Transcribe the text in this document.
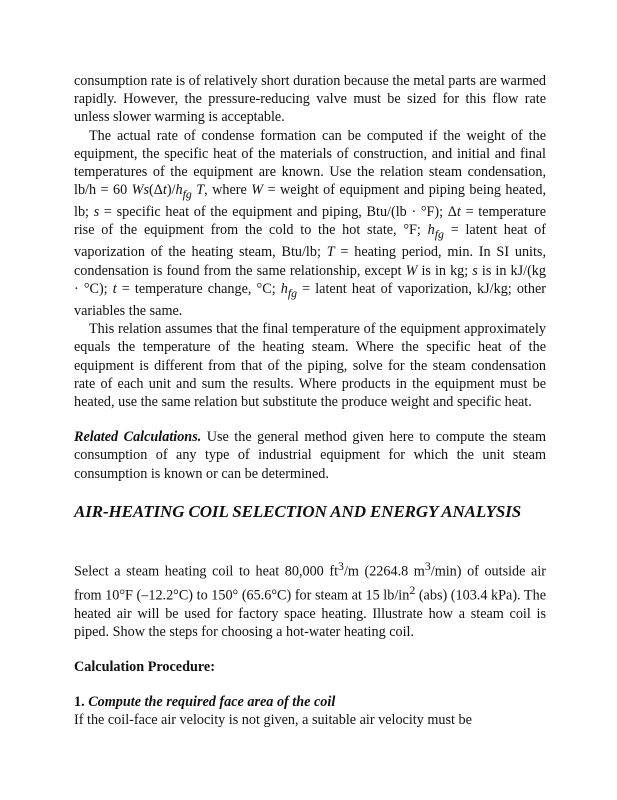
consumption rate is of relatively short duration because the metal parts are warmed rapidly. However, the pressure-reducing valve must be sized for this flow rate unless slower warming is acceptable.

The actual rate of condense formation can be computed if the weight of the equipment, the specific heat of the materials of construction, and initial and final temperatures of the equipment are known. Use the relation steam condensation, lb/h = 60 $Ws(\Delta t)/h_{fg}$ T, where W = weight of equipment and piping being heated, lb; s = specific heat of the equipment and piping, Btu/(lb · °F); Δt = temperature rise of the equipment from the cold to the hot state, °F; $h_{fg}$ = latent heat of vaporization of the heating steam, Btu/lb; T = heating period, min. In SI units, condensation is found from the same relationship, except W is in kg; s is in kJ/(kg · °C); t = temperature change, °C; $h_{fg}$ = latent heat of vaporization, kJ/kg; other variables the same.

This relation assumes that the final temperature of the equipment approximately equals the temperature of the heating steam. Where the specific heat of the equipment is different from that of the piping, solve for the steam condensation rate of each unit and sum the results. Where products in the equipment must be heated, use the same relation but substitute the produce weight and specific heat.

Related Calculations. Use the general method given here to compute the steam consumption of any type of industrial equipment for which the unit steam consumption is known or can be determined.

AIR-HEATING COIL SELECTION AND ENERGY ANALYSIS

Select a steam heating coil to heat 80,000 $ft^3/m$ (2264.8 $m^3/\min$) of outside air from 10°F (–12.2°C) to 150° (65.6°C) for steam at 15 $lb/in^2$ (abs) (103.4 kPa). The heated air will be used for factory space heating. Illustrate how a steam coil is piped. Show the steps for choosing a hot-water heating coil.

Calculation Procedure:

1. Compute the required face area of the coil

If the coil-face air velocity is not given, a suitable air velocity must be
